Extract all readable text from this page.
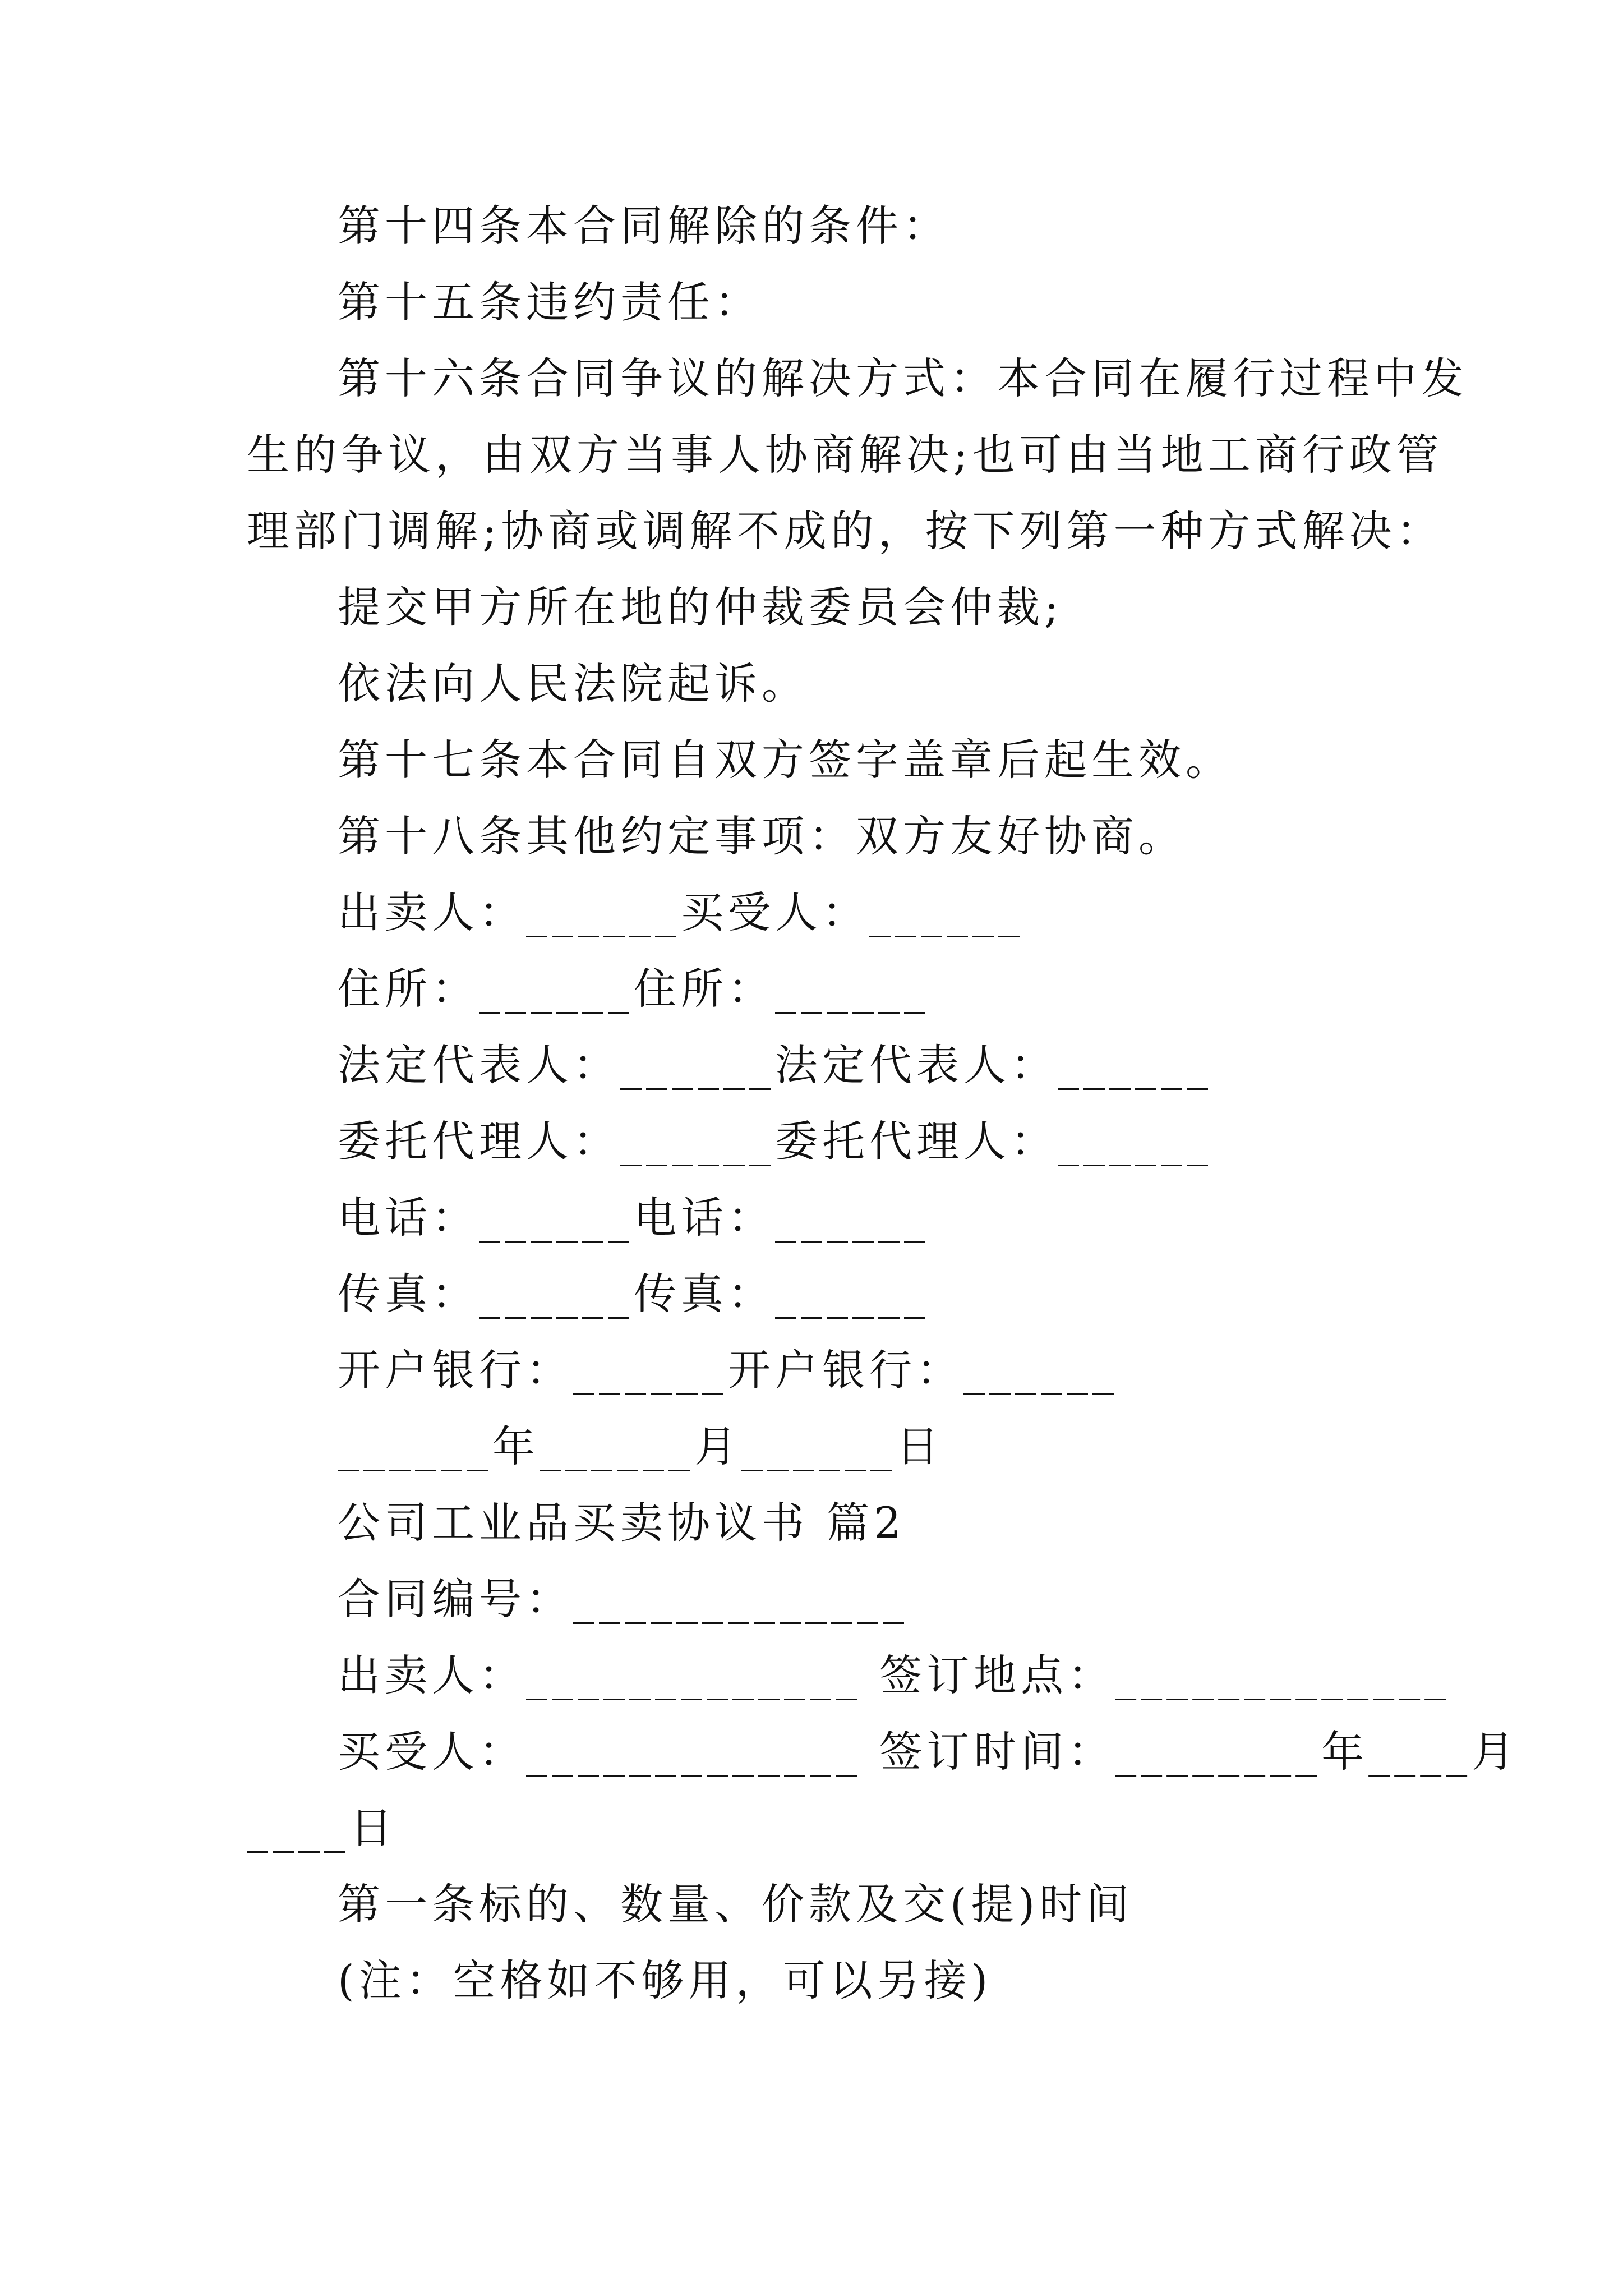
第十四条本合同解除的条件：

第十五条违约责任：

第十六条合同争议的解决方式：本合同在履行过程中发

生的争议，由双方当事人协商解决;也可由当地工商行政管

理部门调解;协商或调解不成的，按下列第一种方式解决：

提交甲方所在地的仲裁委员会仲裁;

依法向人民法院起诉。

第十七条本合同自双方签字盖章后起生效。

第十八条其他约定事项：双方友好协商。

出卖人：______买受人：______

住所：______住所：______

法定代表人：______法定代表人：______

委托代理人：______委托代理人：______

电话：______电话：______

传真：______传真：______

开户银行：______开户银行：______

______年______月______日

公司工业品买卖协议书 篇2

合同编号：_____________

出卖人：_____________ 签订地点：_____________

买受人：_____________ 签订时间：________年____月

____日

第一条标的、数量、价款及交(提)时间

(注：空格如不够用，可以另接)
